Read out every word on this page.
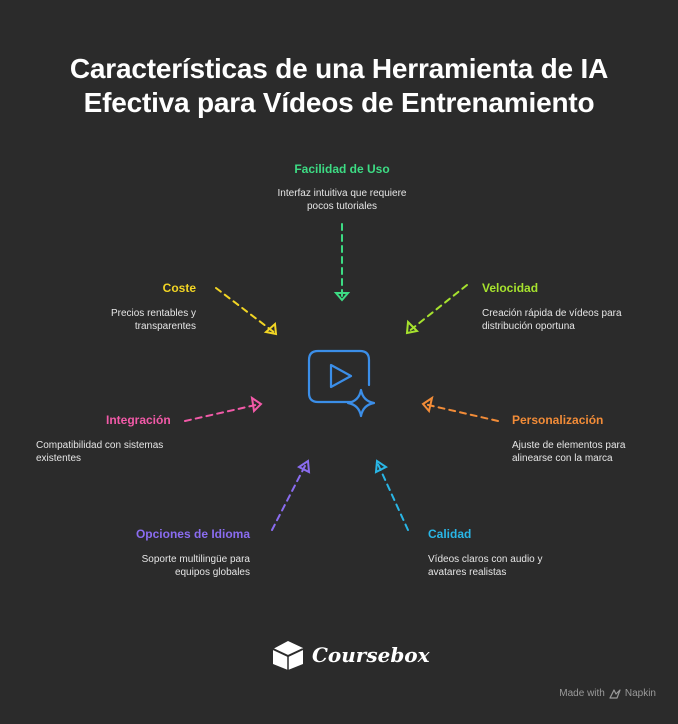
Características de una Herramienta de IA
Efectiva para Vídeos de Entrenamiento
Facilidad de Uso
Interfaz intuitiva que requiere
pocos tutoriales
Velocidad
Creación rápida de vídeos para
distribución oportuna
Personalización
Ajuste de elementos para
alinearse con la marca
Calidad
Vídeos claros con audio y
avatares realistas
Opciones de Idioma
Soporte multilingüe para
equipos globales
Integración
Compatibilidad con sistemas
existentes
Coste
Precios rentables y
transparentes
Coursebox
Made with Napkin
